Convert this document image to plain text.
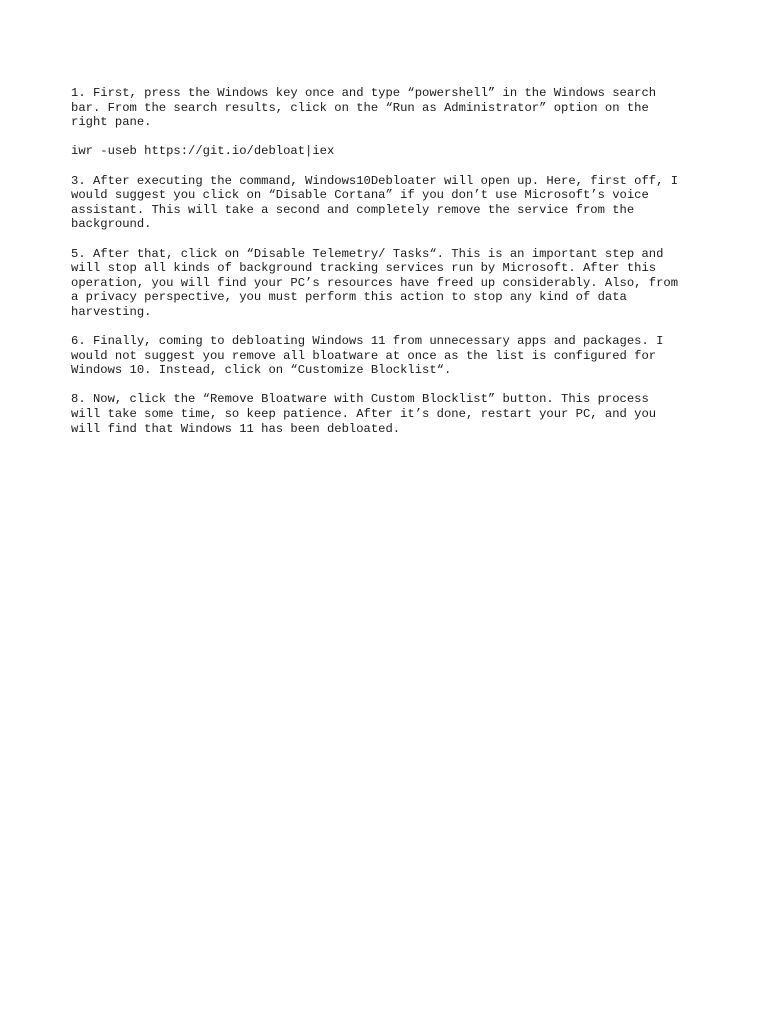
1. First, press the Windows key once and type “powershell” in the Windows search
bar. From the search results, click on the “Run as Administrator” option on the
right pane.

iwr -useb https://git.io/debloat|iex

3. After executing the command, Windows10Debloater will open up. Here, first off, I
would suggest you click on “Disable Cortana” if you don’t use Microsoft’s voice
assistant. This will take a second and completely remove the service from the
background.

5. After that, click on “Disable Telemetry/ Tasks“. This is an important step and
will stop all kinds of background tracking services run by Microsoft. After this
operation, you will find your PC’s resources have freed up considerably. Also, from
a privacy perspective, you must perform this action to stop any kind of data
harvesting.

6. Finally, coming to debloating Windows 11 from unnecessary apps and packages. I
would not suggest you remove all bloatware at once as the list is configured for
Windows 10. Instead, click on “Customize Blocklist“.

8. Now, click the “Remove Bloatware with Custom Blocklist” button. This process
will take some time, so keep patience. After it’s done, restart your PC, and you
will find that Windows 11 has been debloated.
